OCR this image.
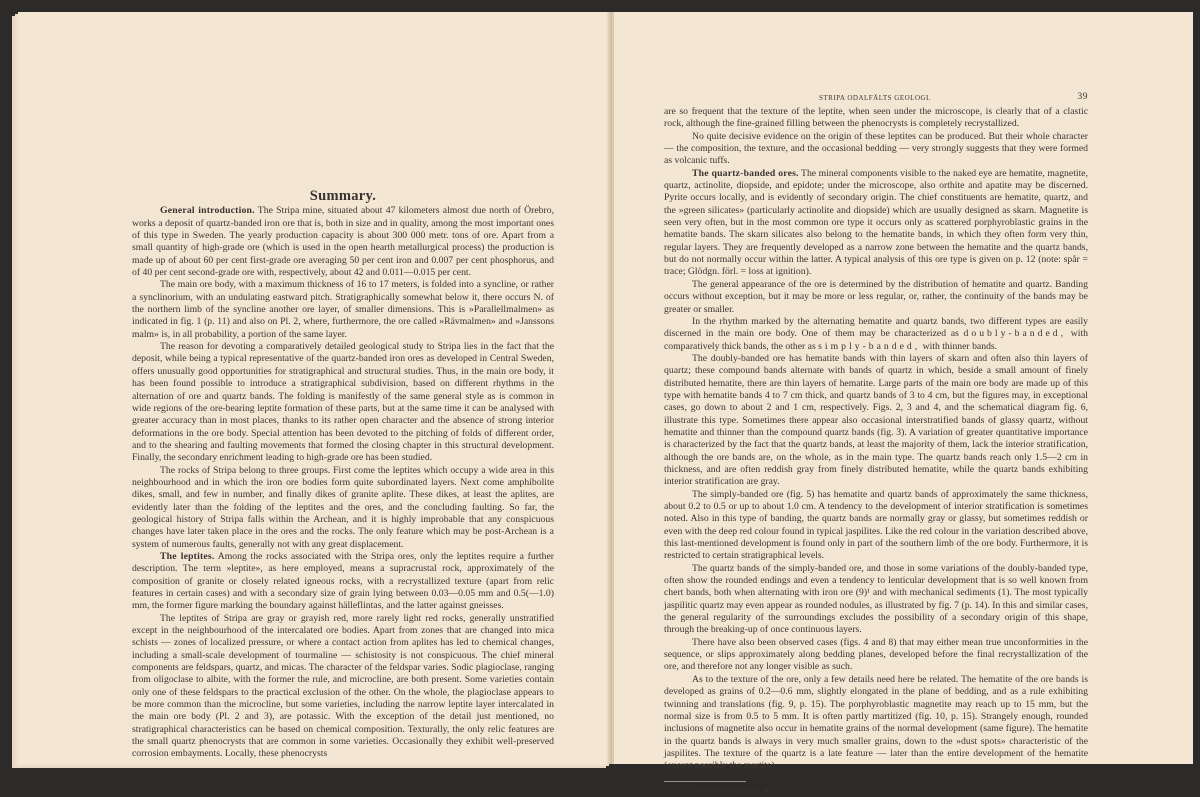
Summary.

General introduction. The Stripa mine, situated about 47 kilometers almost due north of Örebro, works a deposit of quartz-banded iron ore that is, both in size and in quality, among the most important ones of this type in Sweden. The yearly production capacity is about 300 000 metr. tons of ore. Apart from a small quantity of high-grade ore (which is used in the open hearth metallurgical process) the production is made up of about 60 per cent first-grade ore averaging 50 per cent iron and 0.007 per cent phosphorus, and of 40 per cent second-grade ore with, respectively, about 42 and 0.011—0.015 per cent.

The main ore body, with a maximum thickness of 16 to 17 meters, is folded into a syncline, or rather a synclinorium, with an undulating eastward pitch. Stratigraphically somewhat below it, there occurs N. of the northern limb of the syncline another ore layer, of smaller dimensions. This is »Parallellmalmen» as indicated in fig. 1 (p. 11) and also on Pl. 2, where, furthermore, the ore called »Rävmalmen» and »Janssons malm» is, in all probability, a portion of the same layer.

The reason for devoting a comparatively detailed geological study to Stripa lies in the fact that the deposit, while being a typical representative of the quartz-banded iron ores as developed in Central Sweden, offers unusually good opportunities for stratigraphical and structural studies. Thus, in the main ore body, it has been found possible to introduce a stratigraphical subdivision, based on different rhythms in the alternation of ore and quartz bands. The folding is manifestly of the same general style as is common in wide regions of the ore-bearing leptite formation of these parts, but at the same time it can be analysed with greater accuracy than in most places, thanks to its rather open character and the absence of strong interior deformations in the ore body. Special attention has been devoted to the pitching of folds of different order, and to the shearing and faulting movements that formed the closing chapter in this structural development. Finally, the secondary enrichment leading to high-grade ore has been studied.

The rocks of Stripa belong to three groups. First come the leptites which occupy a wide area in this neighbourhood and in which the iron ore bodies form quite subordinated layers. Next come amphibolite dikes, small, and few in number, and finally dikes of granite aplite. These dikes, at least the aplites, are evidently later than the folding of the leptites and the ores, and the concluding faulting. So far, the geological history of Stripa falls within the Archean, and it is highly improbable that any conspicuous changes have later taken place in the ores and the rocks. The only feature which may be post-Archean is a system of numerous faults, generally not with any great displacement.

The leptites. Among the rocks associated with the Stripa ores, only the leptites require a further description. The term »leptite», as here employed, means a supracrustal rock, approximately of the composition of granite or closely related igneous rocks, with a recrystallized texture (apart from relic features in certain cases) and with a secondary size of grain lying between 0.03—0.05 mm and 0.5(—1.0) mm, the former figure marking the boundary against hälleflintas, and the latter against gneisses.

The leptites of Stripa are gray or grayish red, more rarely light red rocks, generally unstratified except in the neighbourhood of the intercalated ore bodies. Apart from zones that are changed into mica schists — zones of localized pressure, or where a contact action from aplites has led to chemical changes, including a small-scale development of tourmaline — schistosity is not conspicuous. The chief mineral components are feldspars, quartz, and micas. The character of the feldspar varies. Sodic plagioclase, ranging from oligoclase to albite, with the former the rule, and microcline, are both present. Some varieties contain only one of these feldspars to the practical exclusion of the other. On the whole, the plagioclase appears to be more common than the microcline, but some varieties, including the narrow leptite layer intercalated in the main ore body (Pl. 2 and 3), are potassic. With the exception of the detail just mentioned, no stratigraphical characteristics can be based on chemical composition. Texturally, the only relic features are the small quartz phenocrysts that are common in some varieties. Occasionally they exhibit well-preserved corrosion embayments. Locally, these phenocrysts

STRIPA ODALFÄLTS GEOLOGI.	39

are so frequent that the texture of the leptite, when seen under the microscope, is clearly that of a clastic rock, although the fine-grained filling between the phenocrysts is completely recrystallized.

No quite decisive evidence on the origin of these leptites can be produced. But their whole character — the composition, the texture, and the occasional bedding — very strongly suggests that they were formed as volcanic tuffs.

The quartz-banded ores. The mineral components visible to the naked eye are hematite, magnetite, quartz, actinolite, diopside, and epidote; under the microscope, also orthite and apatite may be discerned. Pyrite occurs locally, and is evidently of secondary origin. The chief constituents are hematite, quartz, and the »green silicates» (particularly actinolite and diopside) which are usually designed as skarn. Magnetite is seen very often, but in the most common ore type it occurs only as scattered porphyroblastic grains in the hematite bands. The skarn silicates also belong to the hematite bands, in which they often form very thin, regular layers. They are frequently developed as a narrow zone between the hematite and the quartz bands, but do not normally occur within the latter. A typical analysis of this ore type is given on p. 12 (note: spår = trace; Glödgn. förl. = loss at ignition).

The general appearance of the ore is determined by the distribution of hematite and quartz. Banding occurs without exception, but it may be more or less regular, or, rather, the continuity of the bands may be greater or smaller.

In the rhythm marked by the alternating hematite and quartz bands, two different types are easily discerned in the main ore body. One of them may be characterized as doubly-banded, with comparatively thick bands, the other as simply-banded, with thinner bands.

The doubly-banded ore has hematite bands with thin layers of skarn and often also thin layers of quartz; these compound bands alternate with bands of quartz in which, beside a small amount of finely distributed hematite, there are thin layers of hematite. Large parts of the main ore body are made up of this type with hematite bands 4 to 7 cm thick, and quartz bands of 3 to 4 cm, but the figures may, in exceptional cases, go down to about 2 and 1 cm, respectively. Figs. 2, 3 and 4, and the schematical diagram fig. 6, illustrate this type. Sometimes there appear also occasional interstratified bands of glassy quartz, without hematite and thinner than the compound quartz bands (fig. 3). A variation of greater quantitative importance is characterized by the fact that the quartz bands, at least the majority of them, lack the interior stratification, although the ore bands are, on the whole, as in the main type. The quartz bands reach only 1.5—2 cm in thickness, and are often reddish gray from finely distributed hematite, while the quartz bands exhibiting interior stratification are gray.

The simply-banded ore (fig. 5) has hematite and quartz bands of approximately the same thickness, about 0.2 to 0.5 or up to about 1.0 cm. A tendency to the development of interior stratification is sometimes noted. Also in this type of banding, the quartz bands are normally gray or glassy, but sometimes reddish or even with the deep red colour found in typical jaspilites. Like the red colour in the variation described above, this last-mentioned development is found only in part of the southern limb of the ore body. Furthermore, it is restricted to certain stratigraphical levels.

The quartz bands of the simply-banded ore, and those in some variations of the doubly-banded type, often show the rounded endings and even a tendency to lenticular development that is so well known from chert bands, both when alternating with iron ore (9)¹ and with mechanical sediments (1). The most typically jaspilitic quartz may even appear as rounded nodules, as illustrated by fig. 7 (p. 14). In this and similar cases, the general regularity of the surroundings excludes the possibility of a secondary origin of this shape, through the breaking-up of once continuous layers.

There have also been observed cases (figs. 4 and 8) that may either mean true unconformities in the sequence, or slips approximately along bedding planes, developed before the final recrystallization of the ore, and therefore not any longer visible as such.

As to the texture of the ore, only a few details need here be related. The hematite of the ore bands is developed as grains of 0.2—0.6 mm, slightly elongated in the plane of bedding, and as a rule exhibiting twinning and translations (fig. 9, p. 15). The porphyroblastic magnetite may reach up to 15 mm, but the normal size is from 0.5 to 5 mm. It is often partly martitized (fig. 10, p. 15). Strangely enough, rounded inclusions of magnetite also occur in hematite grains of the normal development (same figure). The hematite in the quartz bands is always in very much smaller grains, down to the »dust spots» characteristic of the jaspilites. The texture of the quartz is a late feature — later than the entire development of the hematite (except possibly the martite)

¹ See list of literature, p. 43.
